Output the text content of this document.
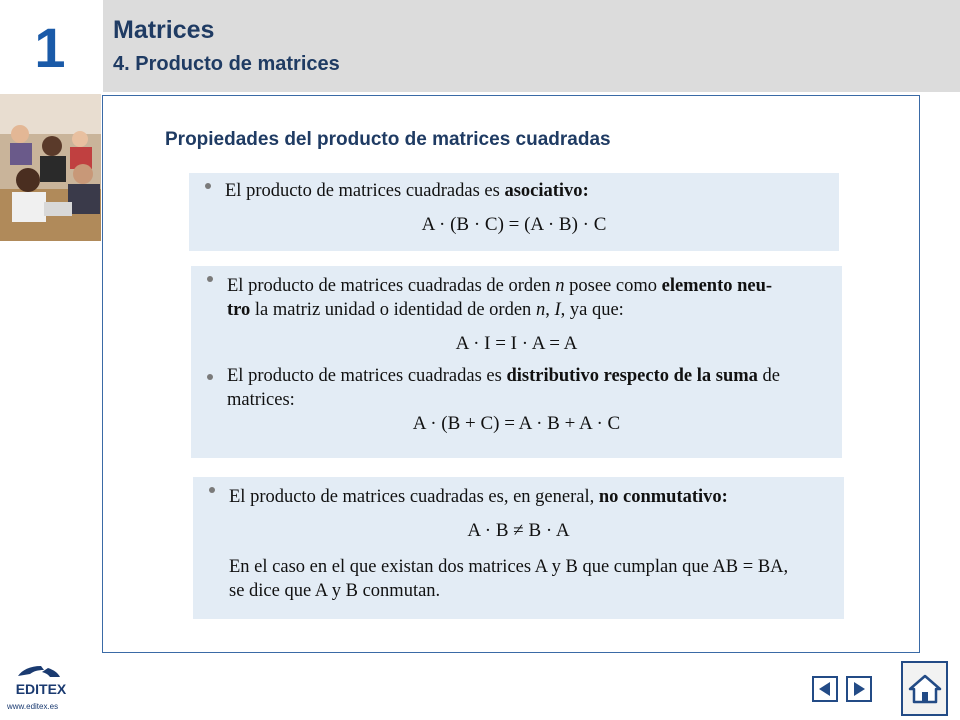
1	Matrices
4. Producto de matrices
Propiedades del producto de matrices cuadradas
El producto de matrices cuadradas es asociativo:
A · (B · C) = (A · B) · C
El producto de matrices cuadradas de orden n posee como elemento neu-
tro la matriz unidad o identidad de orden n, I, ya que:
A · I = I · A = A
El producto de matrices cuadradas es distributivo respecto de la suma de
matrices:
A · (B + C) = A · B + A · C
El producto de matrices cuadradas es, en general, no conmutativo:
A · B ≠ B · A
En el caso en el que existan dos matrices A y B que cumplan que AB = BA,
se dice que A y B conmutan.
EDITEX
www.editex.es
